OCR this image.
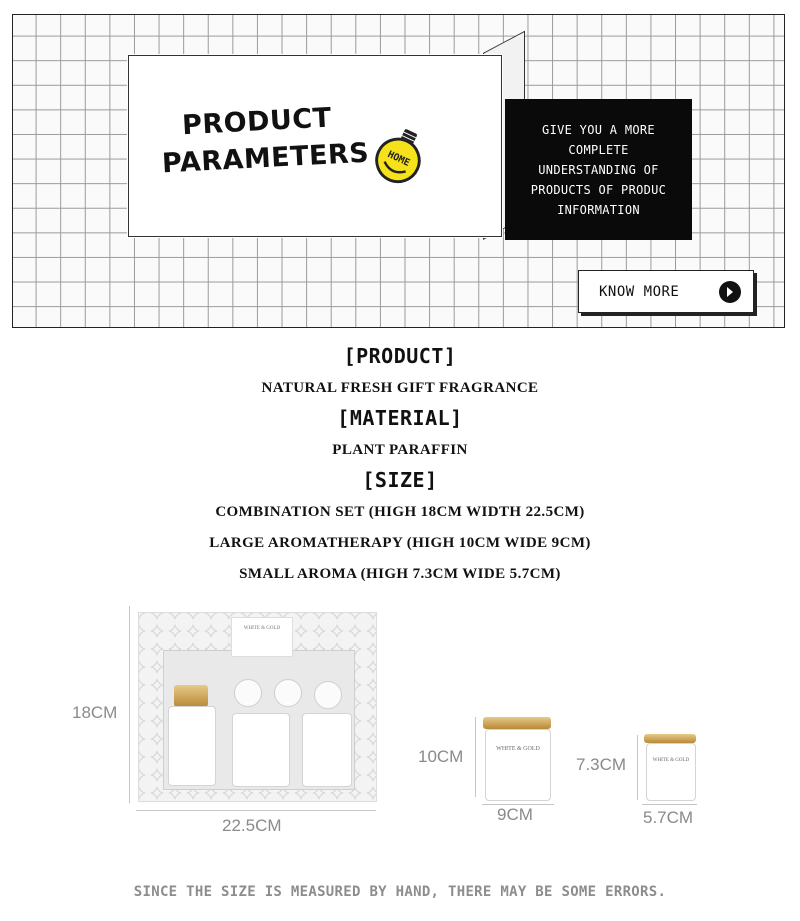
PRODUCT
PARAMETERS HOME

GIVE YOU A MORE
COMPLETE
UNDERSTANDING OF
PRODUCTS OF PRODUC
INFORMATION

KNOW MORE
[PRODUCT]
NATURAL FRESH GIFT FRAGRANCE
[MATERIAL]
PLANT PARAFFIN
[SIZE]
COMBINATION SET (HIGH 18CM WIDTH 22.5CM)
LARGE AROMATHERAPY (HIGH 10CM WIDE 9CM)
SMALL AROMA (HIGH 7.3CM WIDE 5.7CM)
18CM
22.5CM
WHITE & GOLD
10CM
9CM
WHITE & GOLD
7.3CM
5.7CM
WHITE & GOLD
SINCE THE SIZE IS MEASURED BY HAND, THERE MAY BE SOME ERRORS.
